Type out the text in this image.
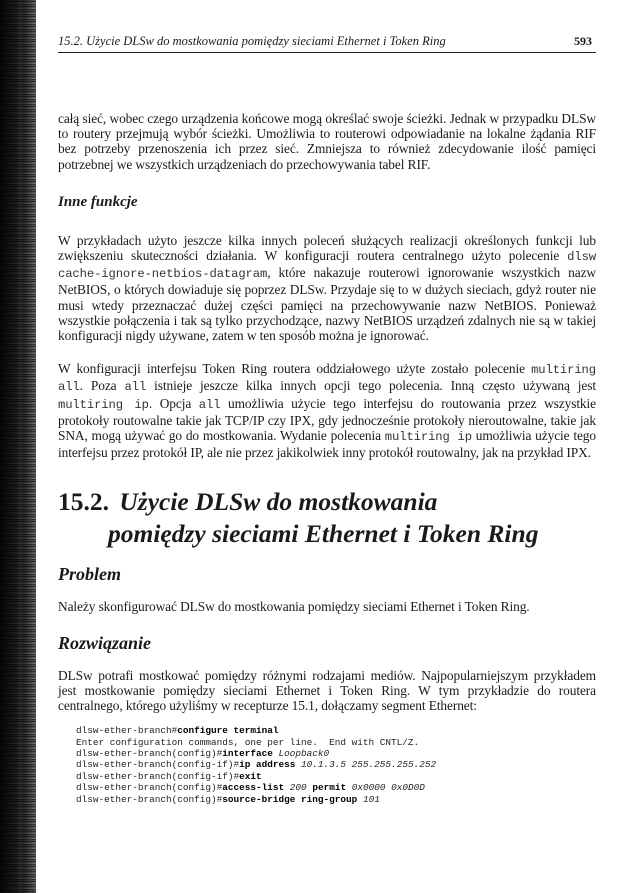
15.2. Użycie DLSw do mostkowania pomiędzy sieciami Ethernet i Token Ring	593

całą sieć, wobec czego urządzenia końcowe mogą określać swoje ścieżki. Jednak w przypadku DLSw to routery przejmują wybór ścieżki. Umożliwia to routerowi odpowiadanie na lokalne żądania RIF bez potrzeby przenoszenia ich przez sieć. Zmniejsza to również zdecydowanie ilość pamięci potrzebnej we wszystkich urządzeniach do przechowywania tabel RIF.

Inne funkcje

W przykładach użyto jeszcze kilka innych poleceń służących realizacji określonych funkcji lub zwiększeniu skuteczności działania. W konfiguracji routera centralnego użyto polecenie dlsw cache-ignore-netbios-datagram, które nakazuje routerowi ignorowanie wszystkich nazw NetBIOS, o których dowiaduje się poprzez DLSw. Przydaje się to w dużych sieciach, gdyż router nie musi wtedy przeznaczać dużej części pamięci na przechowywanie nazw NetBIOS. Ponieważ wszystkie połączenia i tak są tylko przychodzące, nazwy NetBIOS urządzeń zdalnych nie są w takiej konfiguracji nigdy używane, zatem w ten sposób można je ignorować.

W konfiguracji interfejsu Token Ring routera oddziałowego użyte zostało polecenie multiring all. Poza all istnieje jeszcze kilka innych opcji tego polecenia. Inną często używaną jest multiring ip. Opcja all umożliwia użycie tego interfejsu do routowania przez wszystkie protokoły routowalne takie jak TCP/IP czy IPX, gdy jednocześnie protokoły nieroutowalne, takie jak SNA, mogą używać go do mostkowania. Wydanie polecenia multiring ip umożliwia użycie tego interfejsu przez protokół IP, ale nie przez jakikolwiek inny protokół routowalny, jak na przykład IPX.

15.2. Użycie DLSw do mostkowania
pomiędzy sieciami Ethernet i Token Ring
Problem

Należy skonfigurować DLSw do mostkowania pomiędzy sieciami Ethernet i Token Ring.

Rozwiązanie

DLSw potrafi mostkować pomiędzy różnymi rodzajami mediów. Najpopularniejszym przykładem jest mostkowanie pomiędzy sieciami Ethernet i Token Ring. W tym przykładzie do routera centralnego, którego użyliśmy w recepturze 15.1, dołączamy segment Ethernet:

dlsw-ether-branch#configure terminal
Enter configuration commands, one per line.  End with CNTL/Z.
dlsw-ether-branch(config)#interface Loopback0
dlsw-ether-branch(config-if)#ip address 10.1.3.5 255.255.255.252
dlsw-ether-branch(config-if)#exit
dlsw-ether-branch(config)#access-list 200 permit 0x0000 0x0D0D
dlsw-ether-branch(config)#source-bridge ring-group 101
